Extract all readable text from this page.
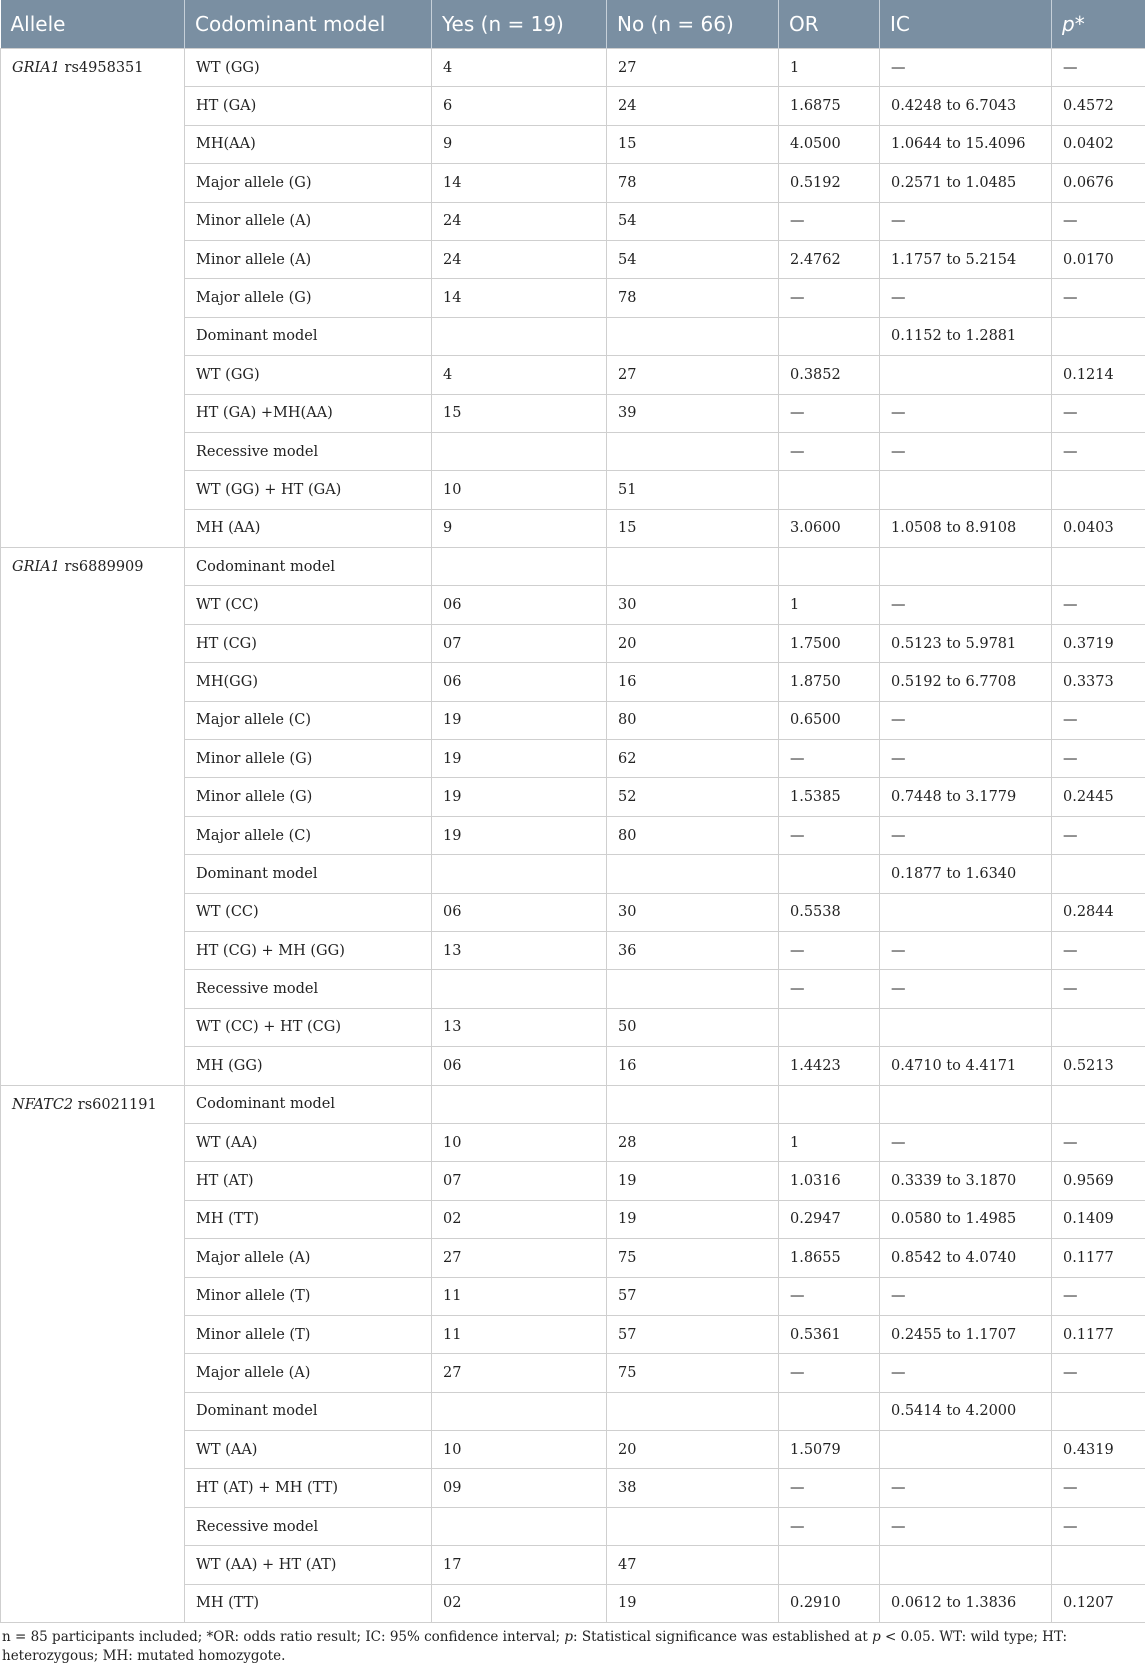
Allele	Codominant model	Yes (n = 19)	No (n = 66)	OR	IC	p*
GRIA1 rs4958351	WT (GG)	4	27	1	—	—
	HT (GA)	6	24	1.6875	0.4248 to 6.7043	0.4572
	MH(AA)	9	15	4.0500	1.0644 to 15.4096	0.0402
	Major allele (G)	14	78	0.5192	0.2571 to 1.0485	0.0676
	Minor allele (A)	24	54	—	—	—
	Minor allele (A)	24	54	2.4762	1.1757 to 5.2154	0.0170
	Major allele (G)	14	78	—	—	—
	Dominant model				0.1152 to 1.2881	
	WT (GG)	4	27	0.3852		0.1214
	HT (GA) +MH(AA)	15	39	—	—	—
	Recessive model			—	—	—
	WT (GG) + HT (GA)	10	51			
	MH (AA)	9	15	3.0600	1.0508 to 8.9108	0.0403
GRIA1 rs6889909	Codominant model					
	WT (CC)	06	30	1	—	—
	HT (CG)	07	20	1.7500	0.5123 to 5.9781	0.3719
	MH(GG)	06	16	1.8750	0.5192 to 6.7708	0.3373
	Major allele (C)	19	80	0.6500	—	—
	Minor allele (G)	19	62	—	—	—
	Minor allele (G)	19	52	1.5385	0.7448 to 3.1779	0.2445
	Major allele (C)	19	80	—	—	—
	Dominant model				0.1877 to 1.6340	
	WT (CC)	06	30	0.5538		0.2844
	HT (CG) + MH (GG)	13	36	—	—	—
	Recessive model			—	—	—
	WT (CC) + HT (CG)	13	50			
	MH (GG)	06	16	1.4423	0.4710 to 4.4171	0.5213
NFATC2 rs6021191	Codominant model					
	WT (AA)	10	28	1	—	—
	HT (AT)	07	19	1.0316	0.3339 to 3.1870	0.9569
	MH (TT)	02	19	0.2947	0.0580 to 1.4985	0.1409
	Major allele (A)	27	75	1.8655	0.8542 to 4.0740	0.1177
	Minor allele (T)	11	57	—	—	—
	Minor allele (T)	11	57	0.5361	0.2455 to 1.1707	0.1177
	Major allele (A)	27	75	—	—	—
	Dominant model				0.5414 to 4.2000	
	WT (AA)	10	20	1.5079		0.4319
	HT (AT) + MH (TT)	09	38	—	—	—
	Recessive model			—	—	—
	WT (AA) + HT (AT)	17	47			
	MH (TT)	02	19	0.2910	0.0612 to 1.3836	0.1207
n = 85 participants included; *OR: odds ratio result; IC: 95% confidence interval; p: Statistical significance was established at p < 0.05. WT: wild type; HT: heterozygous; MH: mutated homozygote.
